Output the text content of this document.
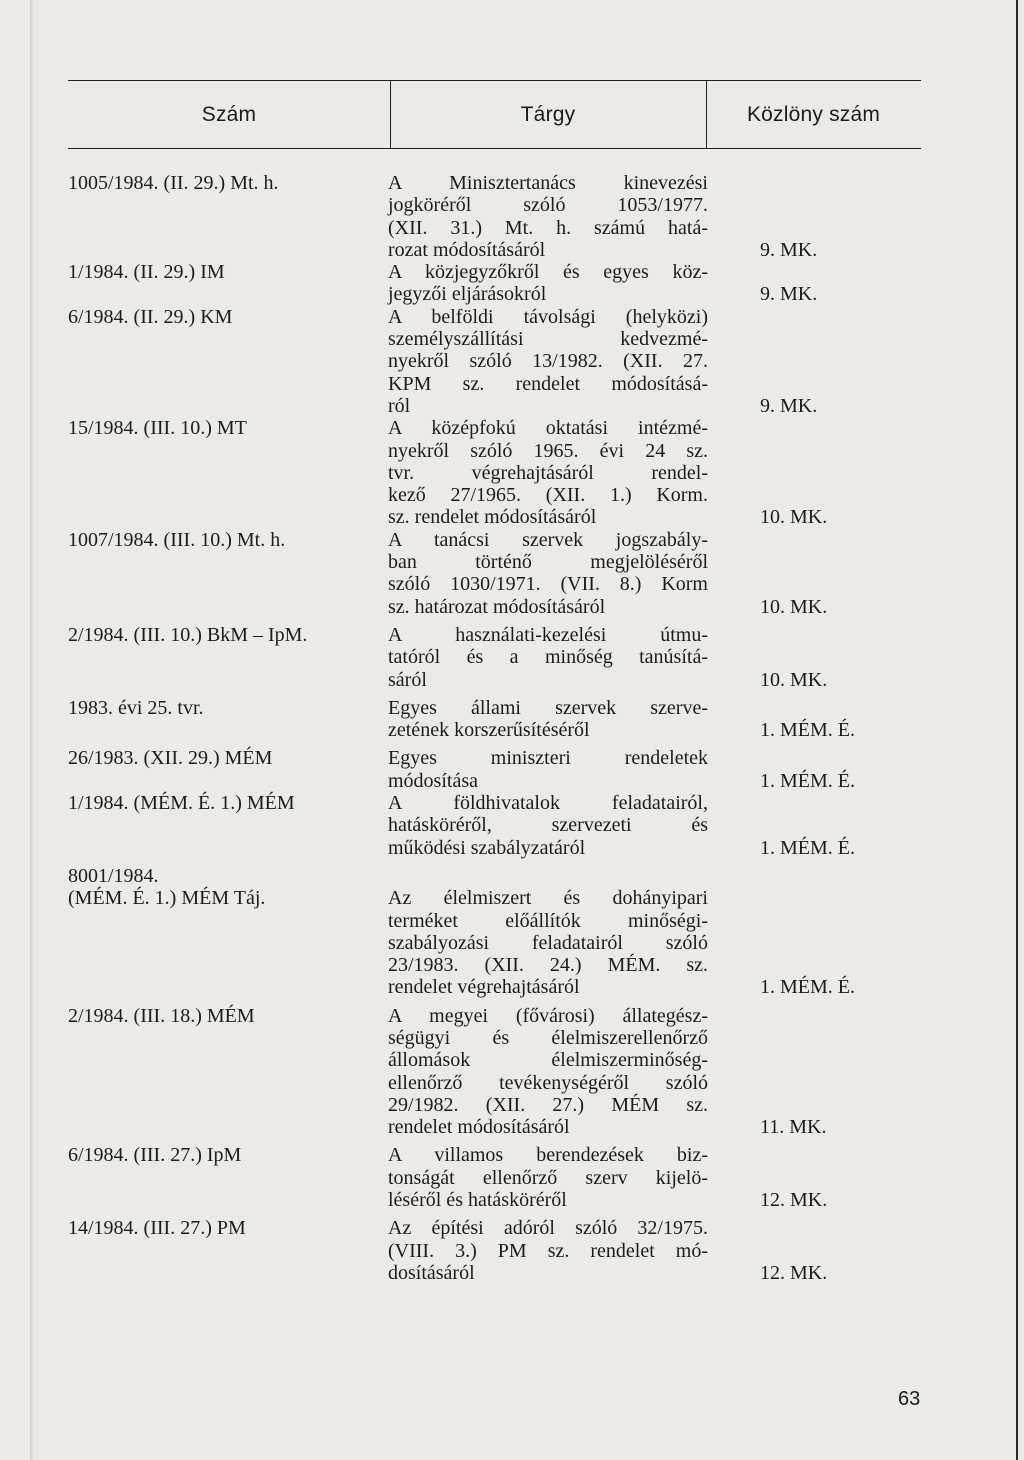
Szám	Tárgy	Közlöny szám
1005/1984. (II. 29.) Mt. h.	A Minisztertanács kinevezési
jogköréről szóló 1053/1977.
(XII. 31.) Mt. h. számú hatá-
rozat módosításáról	9. MK.
1/1984. (II. 29.) IM	A közjegyzőkről és egyes köz-
jegyzői eljárásokról	9. MK.
6/1984. (II. 29.) KM	A belföldi távolsági (helyközi)
személyszállítási kedvezmé-
nyekről szóló 13/1982. (XII. 27.
KPM sz. rendelet módosításá-
ról	9. MK.
15/1984. (III. 10.) MT	A középfokú oktatási intézmé-
nyekről szóló 1965. évi 24 sz.
tvr. végrehajtásáról rendel-
kező 27/1965. (XII. 1.) Korm.
sz. rendelet módosításáról	10. MK.
1007/1984. (III. 10.) Mt. h.	A tanácsi szervek jogszabály-
ban történő megjelöléséről
szóló 1030/1971. (VII. 8.) Korm
sz. határozat módosításáról	10. MK.
2/1984. (III. 10.) BkM – IpM.	A használati-kezelési útmu-
tatóról és a minőség tanúsítá-
sáról	10. MK.
1983. évi 25. tvr.	Egyes állami szervek szerve-
zetének korszerűsítéséről	1. MÉM. É.
26/1983. (XII. 29.) MÉM	Egyes miniszteri rendeletek
módosítása	1. MÉM. É.
1/1984. (MÉM. É. 1.) MÉM	A földhivatalok feladatairól,
hatásköréről, szervezeti és
működési szabályzatáról	1. MÉM. É.
8001/1984.
(MÉM. É. 1.) MÉM Táj.
	Az élelmiszert és dohányipari
terméket előállítók minőségi-
szabályozási feladatairól szóló
23/1983. (XII. 24.) MÉM. sz.
rendelet végrehajtásáról	1. MÉM. É.
2/1984. (III. 18.) MÉM	A megyei (fővárosi) állategész-
ségügyi és élelmiszerellenőrző
állomások élelmiszerminőség-
ellenőrző tevékenységéről szóló
29/1982. (XII. 27.) MÉM sz.
rendelet módosításáról	11. MK.
6/1984. (III. 27.) IpM	A villamos berendezések biz-
tonságát ellenőrző szerv kijelö-
léséről és hatásköréről	12. MK.
14/1984. (III. 27.) PM	Az építési adóról szóló 32/1975.
(VIII. 3.) PM sz. rendelet mó-
dosításáról	12. MK.
63
